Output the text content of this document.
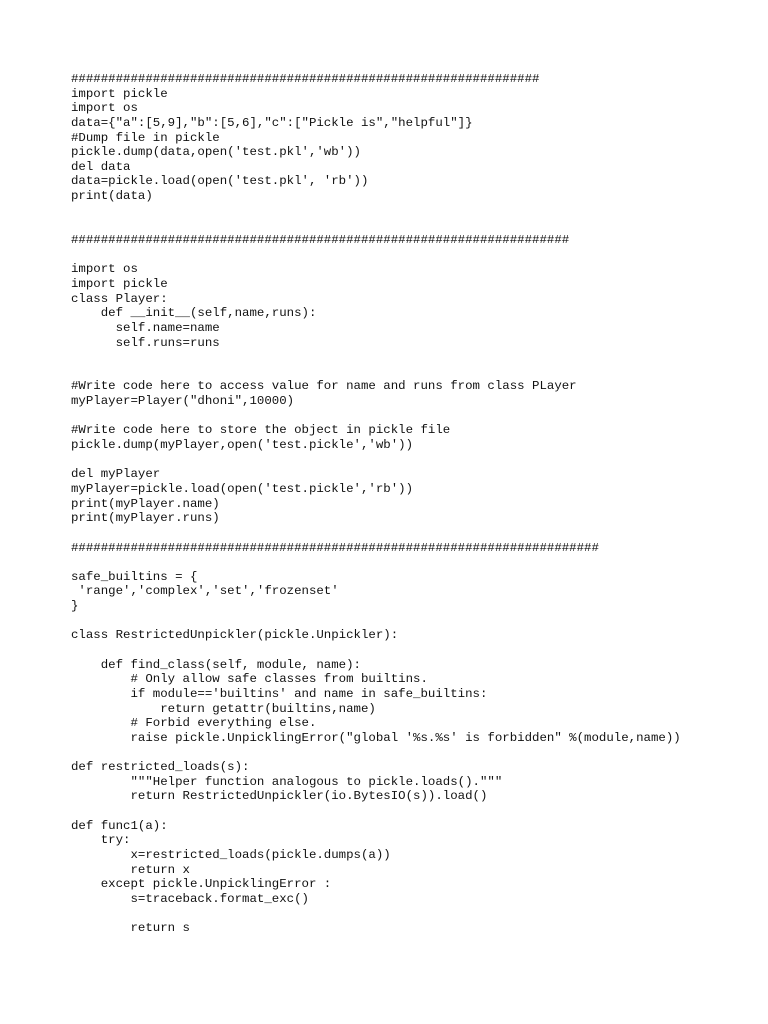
###############################################################
import pickle
import os
data={"a":[5,9],"b":[5,6],"c":["Pickle is","helpful"]}
#Dump file in pickle
pickle.dump(data,open('test.pkl','wb'))
del data
data=pickle.load(open('test.pkl', 'rb'))
print(data)
###################################################################
import os
import pickle
class Player:
def __init__(self,name,runs):
self.name=name
self.runs=runs
#Write code here to access value for name and runs from class PLayer
myPlayer=Player("dhoni",10000)
#Write code here to store the object in pickle file
pickle.dump(myPlayer,open('test.pickle','wb'))
del myPlayer
myPlayer=pickle.load(open('test.pickle','rb'))
print(myPlayer.name)
print(myPlayer.runs)
#######################################################################
safe_builtins = {
'range','complex','set','frozenset'
}
class RestrictedUnpickler(pickle.Unpickler):
def find_class(self, module, name):
# Only allow safe classes from builtins.
if module=='builtins' and name in safe_builtins:
return getattr(builtins,name)
# Forbid everything else.
raise pickle.UnpicklingError("global '%s.%s' is forbidden" %(module,name))
def restricted_loads(s):
"""Helper function analogous to pickle.loads()."""
return RestrictedUnpickler(io.BytesIO(s)).load()
def func1(a):
try:
x=restricted_loads(pickle.dumps(a))
return x
except pickle.UnpicklingError :
s=traceback.format_exc()
return s
